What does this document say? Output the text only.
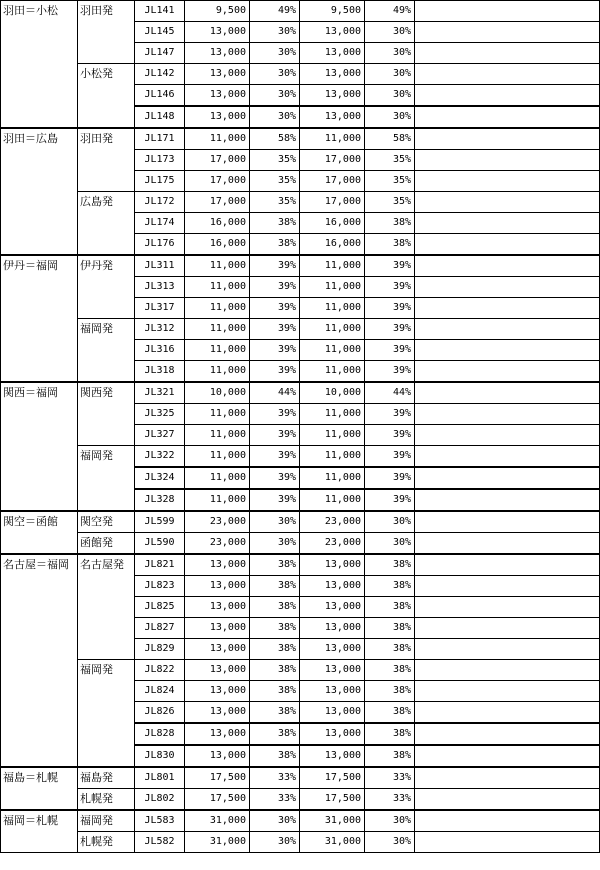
羽田＝小松	羽田発	JL141	9,500	49%	9,500	49%	
		JL145	13,000	30%	13,000	30%	
		JL147	13,000	30%	13,000	30%	
	小松発	JL142	13,000	30%	13,000	30%	
		JL146	13,000	30%	13,000	30%	
		JL148	13,000	30%	13,000	30%	
羽田＝広島	羽田発	JL171	11,000	58%	11,000	58%	
		JL173	17,000	35%	17,000	35%	
		JL175	17,000	35%	17,000	35%	
	広島発	JL172	17,000	35%	17,000	35%	
		JL174	16,000	38%	16,000	38%	
		JL176	16,000	38%	16,000	38%	
伊丹＝福岡	伊丹発	JL311	11,000	39%	11,000	39%	
		JL313	11,000	39%	11,000	39%	
		JL317	11,000	39%	11,000	39%	
	福岡発	JL312	11,000	39%	11,000	39%	
		JL316	11,000	39%	11,000	39%	
		JL318	11,000	39%	11,000	39%	
関西＝福岡	関西発	JL321	10,000	44%	10,000	44%	
		JL325	11,000	39%	11,000	39%	
		JL327	11,000	39%	11,000	39%	
	福岡発	JL322	11,000	39%	11,000	39%	
		JL324	11,000	39%	11,000	39%	
		JL328	11,000	39%	11,000	39%	
関空＝函館	関空発	JL599	23,000	30%	23,000	30%	
	函館発	JL590	23,000	30%	23,000	30%	
名古屋＝福岡	名古屋発	JL821	13,000	38%	13,000	38%	
		JL823	13,000	38%	13,000	38%	
		JL825	13,000	38%	13,000	38%	
		JL827	13,000	38%	13,000	38%	
		JL829	13,000	38%	13,000	38%	
	福岡発	JL822	13,000	38%	13,000	38%	
		JL824	13,000	38%	13,000	38%	
		JL826	13,000	38%	13,000	38%	
		JL828	13,000	38%	13,000	38%	
		JL830	13,000	38%	13,000	38%	
福島＝札幌	福島発	JL801	17,500	33%	17,500	33%	
	札幌発	JL802	17,500	33%	17,500	33%	
福岡＝札幌	福岡発	JL583	31,000	30%	31,000	30%	
	札幌発	JL582	31,000	30%	31,000	30%	
